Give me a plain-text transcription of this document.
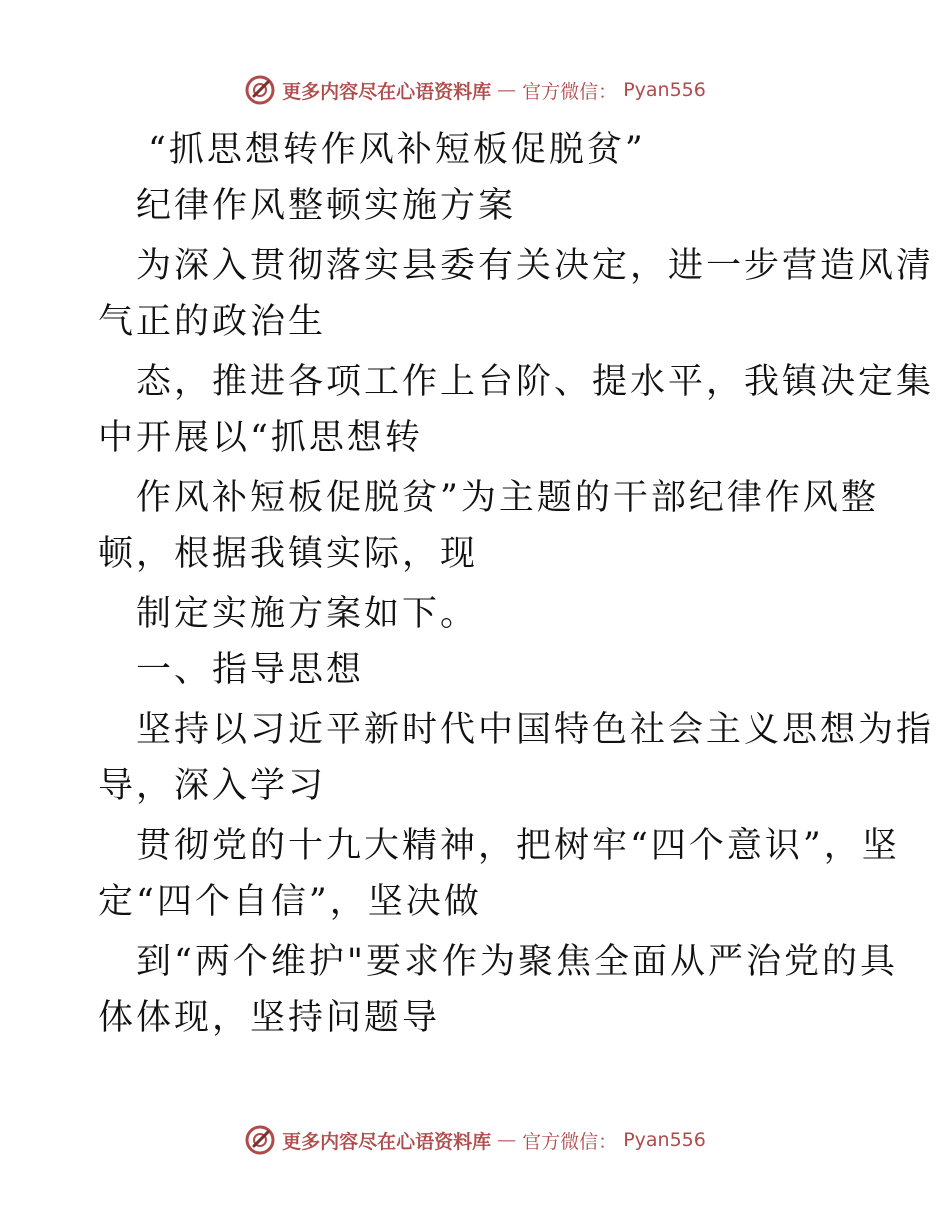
更多内容尽在心语资料库 — 官方微信： Pyan556
“抓思想转作风补短板促脱贫”
纪律作风整顿实施方案
为深入贯彻落实县委有关决定，进一步营造风清
气正的政治生
态，推进各项工作上台阶、提水平，我镇决定集
中开展以“抓思想转
作风补短板促脱贫”为主题的干部纪律作风整
顿，根据我镇实际，现
制定实施方案如下。
一、指导思想
坚持以习近平新时代中国特色社会主义思想为指
导，深入学习
贯彻党的十九大精神，把树牢“四个意识”，坚
定“四个自信”，坚决做
到“两个维护"要求作为聚焦全面从严治党的具
体体现，坚持问题导
更多内容尽在心语资料库 — 官方微信： Pyan556
